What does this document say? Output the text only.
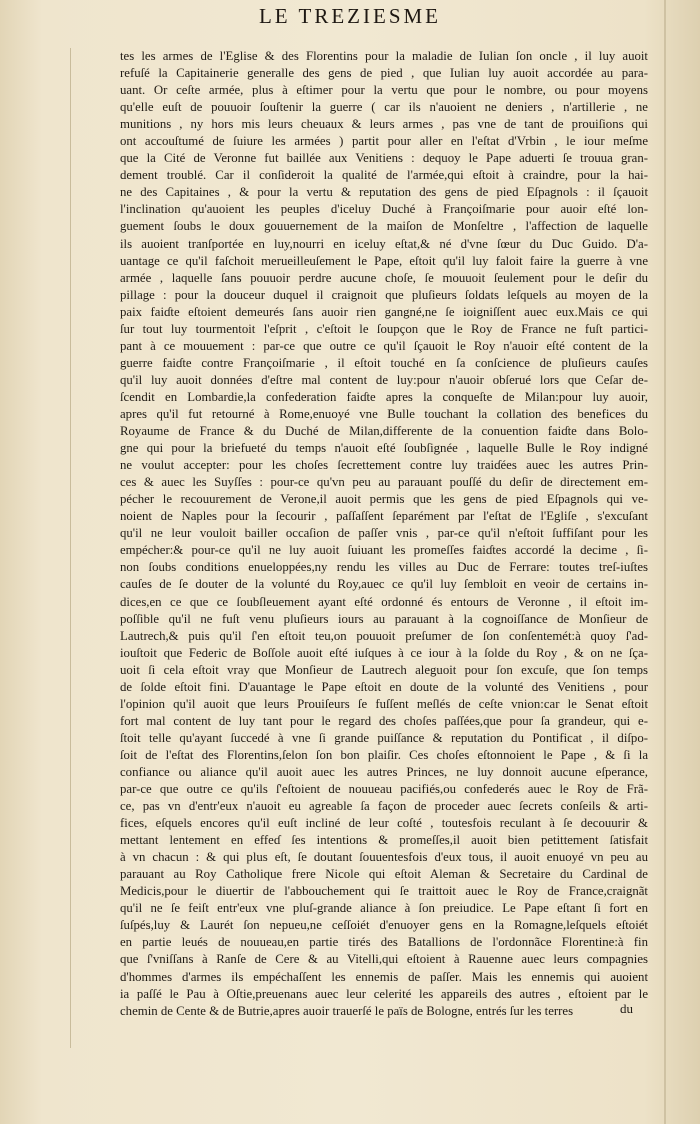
LE TREZIESME
tes les armes de l'Eglise & des Florentins pour la maladie de Iulian ſon oncle , il luy auoit
refuſé la Capitainerie generalle des gens de pied , que Iulian luy auoit accordée au para-
uant. Or ceſte armée, plus à eſtimer pour la vertu que pour le nombre, ou pour moyens
qu'elle euſt de pouuoir ſouſtenir la guerre ( car ils n'auoient ne deniers , n'artillerie , ne
munitions , ny hors mis leurs cheuaux & leurs armes , pas vne de tant de prouiſions qui
ont accouſtumé de ſuiure les armées ) partit pour aller en l'eſtat d'Vrbin , le iour meſme
que la Cité de Veronne fut baillée aux Venitiens : dequoy le Pape aduerti ſe trouua gran-
dement troublé. Car il conſideroit la qualité de l'armée,qui eſtoit à craindre, pour la hai-
ne des Capitaines , & pour la vertu & reputation des gens de pied Eſpagnols : il ſçauoit
l'inclination qu'auoient les peuples d'iceluy Duché à Françoiſmarie pour auoir eſté lon-
guement ſoubs le doux gouuernement de la maiſon de Monſeltre , l'affection de laquelle
ils auoient tranſportée en luy,nourri en iceluy eſtat,& né d'vne ſœur du Duc Guido. D'a-
uantage ce qu'il faſchoit merueilleuſement le Pape, eſtoit qu'il luy faloit faire la guerre à vne
armée , laquelle ſans pouuoir perdre aucune choſe, ſe mouuoit ſeulement pour le deſir du
pillage : pour la douceur duquel il craignoit que pluſieurs ſoldats leſquels au moyen de la
paix faiɗte eſtoient demeurés ſans auoir rien gangné,ne ſe ioigniſſent auec eux.Mais ce qui
ſur tout luy tourmentoit l'eſprit , c'eſtoit le ſoupçon que le Roy de France ne fuſt partici-
pant à ce mouuement : par-ce que outre ce qu'il ſçauoit le Roy n'auoir eſté content de la
guerre faiɗte contre Françoiſmarie , il eſtoit touché en ſa conſcience de pluſieurs cauſes
qu'il luy auoit données d'eſtre mal content de luy:pour n'auoir obſerué lors que Ceſar de-
ſcendit en Lombardie,la confederation faiɗte apres la conqueſte de Milan:pour luy auoir,
apres qu'il fut retourné à Rome,enuoyé vne Bulle touchant la collation des benefices du
Royaume de France & du Duché de Milan,differente de la conuention faiɗte dans Bolo-
gne qui pour la briefueté du temps n'auoit eſté ſoubſignée , laquelle Bulle le Roy indigné
ne voulut accepter: pour les choſes ſecrettement contre luy traiɗées auec les autres Prin-
ces & auec les Suyſſes : pour-ce qu'vn peu au parauant pouſſé du deſir de directement em-
pécher le recouurement de Verone,il auoit permis que les gens de pied Eſpagnols qui ve-
noient de Naples pour la ſecourir , paſſaſſent ſeparément par l'eſtat de l'Egliſe , s'excuſant
qu'il ne leur vouloit bailler occaſion de paſſer vnis , par-ce qu'il n'eſtoit ſuffiſant pour les
empécher:& pour-ce qu'il ne luy auoit ſuiuant les promeſſes faiɗtes accordé la decime , ſi-
non ſoubs conditions enueloppées,ny rendu les villes au Duc de Ferrare: toutes treſ-iuſtes
cauſes de ſe douter de la volunté du Roy,auec ce qu'il luy ſembloit en veoir de certains in-
dices,en ce que ce ſoubſleuement ayant eſté ordonné és entours de Veronne , il eſtoit im-
poſſible qu'il ne fuſt venu pluſieurs iours au parauant à la cognoiſſance de Monſieur de
Lautrech,& puis qu'il ſ'en eſtoit teu,on pouuoit preſumer de ſon conſentemét:à quoy ſ'ad-
iouſtoit que Federic de Boſſole auoit eſté iuſques à ce iour à la ſolde du Roy , & on ne ſça-
uoit ſi cela eſtoit vray que Monſieur de Lautrech aleguoit pour ſon excuſe, que ſon temps
de ſolde eſtoit fini. D'auantage le Pape eſtoit en doute de la volunté des Venitiens , pour
l'opinion qu'il auoit que leurs Prouiſeurs ſe fuſſent meſlés de ceſte vnion:car le Senat eſtoit
fort mal content de luy tant pour le regard des choſes paſſées,que pour ſa grandeur, qui e-
ſtoit telle qu'ayant ſuccedé à vne ſi grande puiſſance & reputation du Pontificat , il diſpo-
ſoit de l'eſtat des Florentins,ſelon ſon bon plaiſir. Ces choſes eſtonnoient le Pape , & ſi la
confiance ou aliance qu'il auoit auec les autres Princes, ne luy donnoit aucune eſperance,
par-ce que outre ce qu'ils ſ'eſtoient de nouueau pacifiés,ou confederés auec le Roy de Frã-
ce, pas vn d'entr'eux n'auoit eu agreable ſa façon de proceder auec ſecrets conſeils & arti-
fices, eſquels encores qu'il euſt incliné de leur coſté , toutesfois reculant à ſe decouurir &
mettant lentement en effeɗ ſes intentions & promeſſes,il auoit bien petittement ſatisfait
à vn chacun : & qui plus eſt, ſe doutant ſouuentesfois d'eux tous, il auoit enuoyé vn peu au
parauant au Roy Catholique frere Nicole qui eſtoit Aleman & Secretaire du Cardinal de
Medicis,pour le diuertir de l'abbouchement qui ſe traittoit auec le Roy de France,craignãt
qu'il ne ſe feiſt entr'eux vne pluſ-grande aliance à ſon preiudice. Le Pape eſtant ſi fort en
ſuſpés,luy & Laurét ſon nepueu,ne ceſſoiét d'enuoyer gens en la Romagne,leſquels eſtoiét
en partie leués de nouueau,en partie tirés des Batallions de l'ordonnãce Florentine:à fin
que ſ'vniſſans à Ranſe de Cere & au Vitelli,qui eſtoient à Rauenne auec leurs compagnies
d'hommes d'armes ils empéchaſſent les ennemis de paſſer. Mais les ennemis qui auoient
ia paſſé le Pau à Oſtie,preuenans auec leur celerité les appareils des autres , eſtoient par le
chemin de Cente & de Butrie,apres auoir trauerſé le païs de Bologne, entrés ſur les terres	du
